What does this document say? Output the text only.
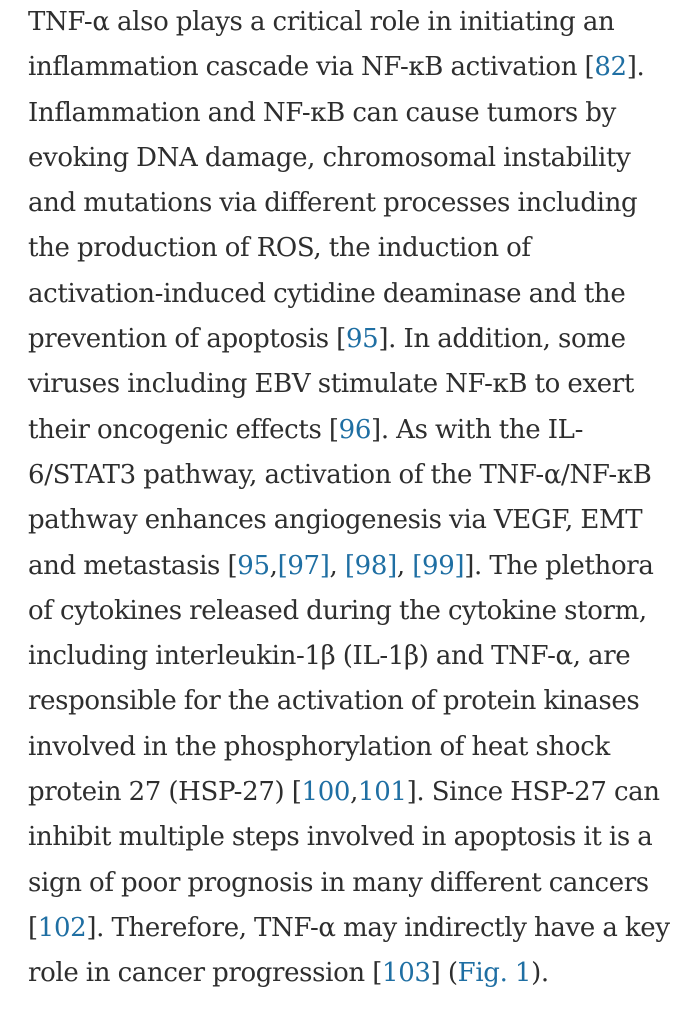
TNF-α also plays a critical role in initiating an
inflammation cascade via NF-κB activation [82].
Inflammation and NF-κB can cause tumors by
evoking DNA damage, chromosomal instability
and mutations via different processes including
the production of ROS, the induction of
activation-induced cytidine deaminase and the
prevention of apoptosis [95]. In addition, some
viruses including EBV stimulate NF-κB to exert
their oncogenic effects [96]. As with the IL-
6/STAT3 pathway, activation of the TNF-α/NF-κB
pathway enhances angiogenesis via VEGF, EMT
and metastasis [95,[97], [98], [99]]. The plethora
of cytokines released during the cytokine storm,
including interleukin-1β (IL-1β) and TNF-α, are
responsible for the activation of protein kinases
involved in the phosphorylation of heat shock
protein 27 (HSP-27) [100,101]. Since HSP-27 can
inhibit multiple steps involved in apoptosis it is a
sign of poor prognosis in many different cancers
[102]. Therefore, TNF-α may indirectly have a key
role in cancer progression [103] (Fig. 1).
